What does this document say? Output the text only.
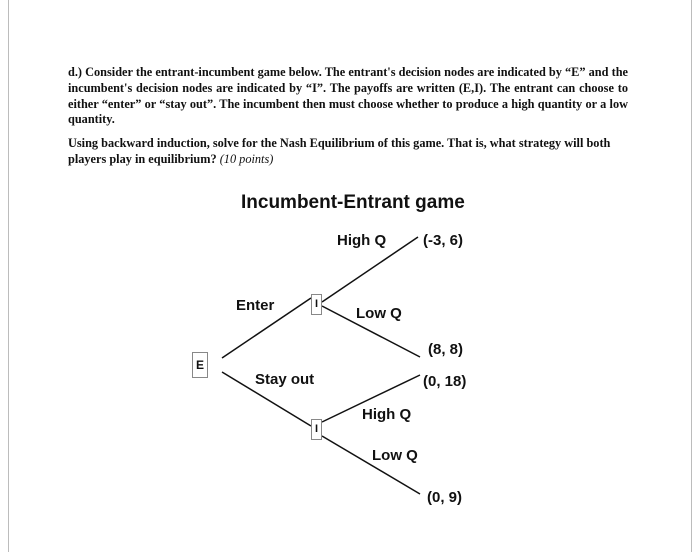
d.) Consider the entrant-incumbent game below. The entrant's decision nodes are indicated by “E” and the incumbent's decision nodes are indicated by “I”. The payoffs are written (E,I). The entrant can choose to either “enter” or “stay out”. The incumbent then must choose whether to produce a high quantity or a low quantity.

Using backward induction, solve for the Nash Equilibrium of this game. That is, what strategy will both players play in equilibrium? (10 points)

Incumbent-Entrant game
E
I
I
Enter
Stay out
High Q
Low Q
High Q
Low Q
(-3, 6)
(8, 8)
(0, 18)
(0, 9)
